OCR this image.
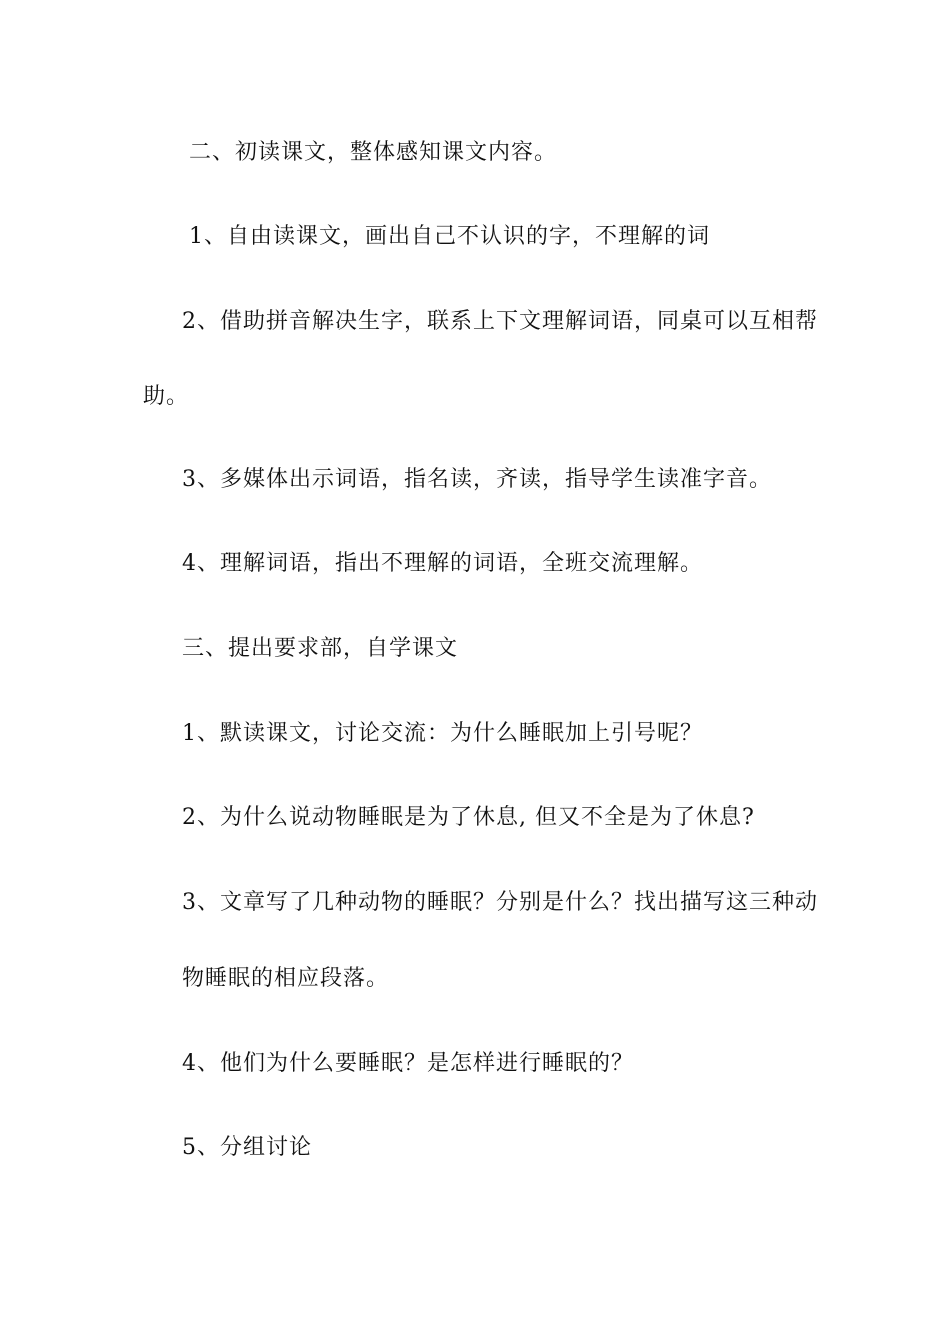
二、初读课文，整体感知课文内容。
1、自由读课文，画出自己不认识的字，不理解的词
2、借助拼音解决生字，联系上下文理解词语，同桌可以互相帮
助。
3、多媒体出示词语，指名读，齐读，指导学生读准字音。
4、理解词语，指出不理解的词语，全班交流理解。
三、提出要求部，自学课文
1、默读课文，讨论交流：为什么睡眠加上引号呢？
2、为什么说动物睡眠是为了休息, 但又不全是为了休息?
3、文章写了几种动物的睡眠？分别是什么？找出描写这三种动
物睡眠的相应段落。
4、他们为什么要睡眠？是怎样进行睡眠的？
5、分组讨论
